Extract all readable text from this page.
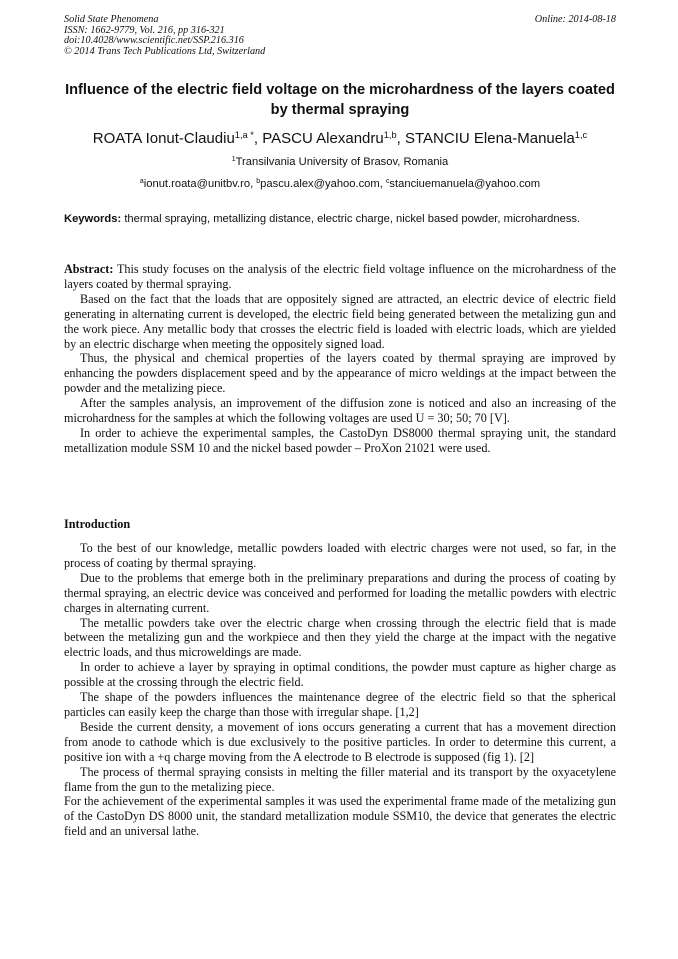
Solid State Phenomena
ISSN: 1662-9779, Vol. 216, pp 316-321
doi:10.4028/www.scientific.net/SSP.216.316
© 2014 Trans Tech Publications Ltd, Switzerland
Online: 2014-08-18
Influence of the electric field voltage on the microhardness of the layers coated by thermal spraying
ROATA Ionut-Claudiu$^{1,a *}$, PASCU Alexandru$^{1,b}$, STANCIU Elena-Manuela$^{1,c}$
$^1$Transilvania University of Brasov, Romania
$^a$ionut.roata@unitbv.ro, $^b$pascu.alex@yahoo.com, $^c$stanciuemanuela@yahoo.com
Keywords: thermal spraying, metallizing distance, electric charge, nickel based powder, microhardness.

Abstract: This study focuses on the analysis of the electric field voltage influence on the microhardness of the layers coated by thermal spraying.

Based on the fact that the loads that are oppositely signed are attracted, an electric device of electric field generating in alternating current is developed, the electric field being generated between the metalizing gun and the work piece. Any metallic body that crosses the electric field is loaded with electric loads, which are yielded by an electric discharge when meeting the oppositely signed load.

Thus, the physical and chemical properties of the layers coated by thermal spraying are improved by enhancing the powders displacement speed and by the appearance of micro weldings at the impact between the powder and the metalizing piece.

After the samples analysis, an improvement of the diffusion zone is noticed and also an increasing of the microhardness for the samples at which the following voltages are used U = 30; 50; 70 [V].

In order to achieve the experimental samples, the CastoDyn DS8000 thermal spraying unit, the standard metallization module SSM 10 and the nickel based powder – ProXon 21021 were used.

Introduction

To the best of our knowledge, metallic powders loaded with electric charges were not used, so far, in the process of coating by thermal spraying.

Due to the problems that emerge both in the preliminary preparations and during the process of coating by thermal spraying, an electric device was conceived and performed for loading the metallic powders with electric charges in alternating current.

The metallic powders take over the electric charge when crossing through the electric field that is made between the metalizing gun and the workpiece and then they yield the charge at the impact with the negative electric loads, and thus microweldings are made.

In order to achieve a layer by spraying in optimal conditions, the powder must capture as higher charge as possible at the crossing through the electric field.

The shape of the powders influences the maintenance degree of the electric field so that the spherical particles can easily keep the charge than those with irregular shape. [1,2]

Beside the current density, a movement of ions occurs generating a current that has a movement direction from anode to cathode which is due exclusively to the positive particles. In order to determine this current, a positive ion with a +q charge moving from the A electrode to B electrode is supposed (fig 1). [2]

The process of thermal spraying consists in melting the filler material and its transport by the oxyacetylene flame from the gun to the metalizing piece.

For the achievement of the experimental samples it was used the experimental frame made of the metalizing gun of the CastoDyn DS 8000 unit, the standard metallization module SSM10, the device that generates the electric field and an universal lathe.
